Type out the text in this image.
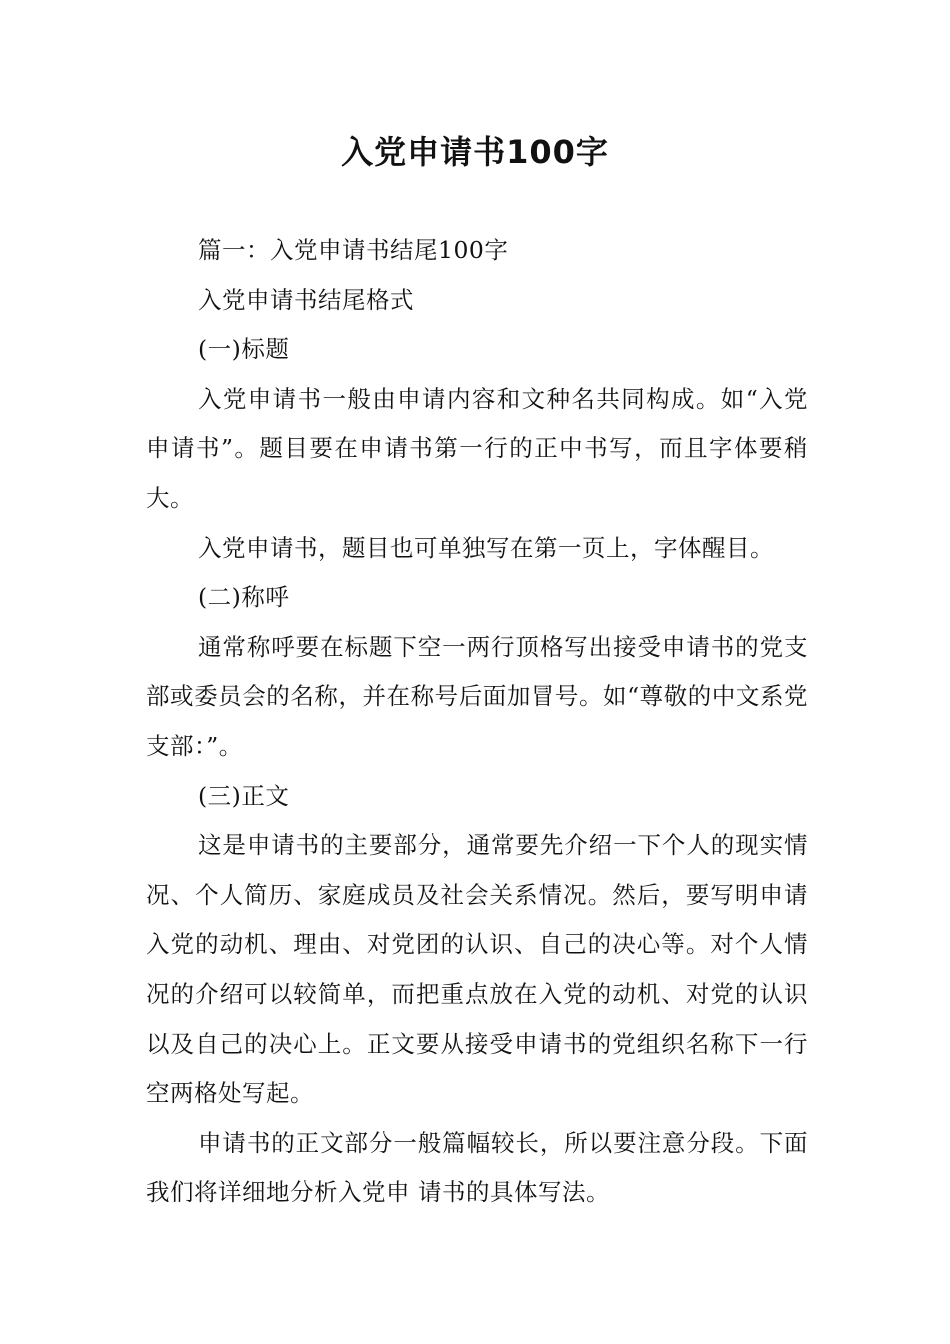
入党申请书100字

篇一：入党申请书结尾100字

入党申请书结尾格式

(一)标题

入党申请书一般由申请内容和文种名共同构成。如“入党申请书”。题目要在申请书第一行的正中书写，而且字体要稍大。

入党申请书，题目也可单独写在第一页上，字体醒目。

(二)称呼

通常称呼要在标题下空一两行顶格写出接受申请书的党支部或委员会的名称，并在称号后面加冒号。如“尊敬的中文系党支部：”。

(三)正文

这是申请书的主要部分，通常要先介绍一下个人的现实情况、个人简历、家庭成员及社会关系情况。然后，要写明申请入党的动机、理由、对党团的认识、自己的决心等。对个人情况的介绍可以较简单，而把重点放在入党的动机、对党的认识以及自己的决心上。正文要从接受申请书的党组织名称下一行空两格处写起。

申请书的正文部分一般篇幅较长，所以要注意分段。下面我们将详细地分析入党申 请书的具体写法。
